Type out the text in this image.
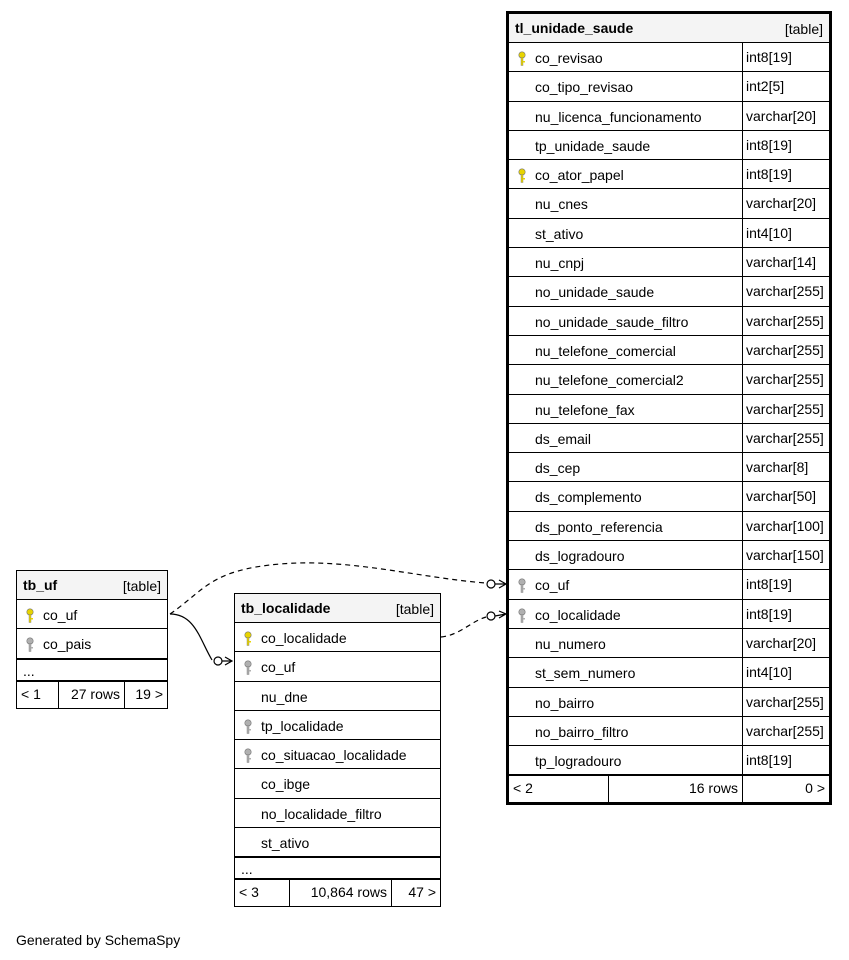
tb_uf	[table]
co_uf
co_pais
...
< 1	27 rows	19 >
tb_localidade	[table]
co_localidade
co_uf
nu_dne
tp_localidade
co_situacao_localidade
co_ibge
no_localidade_filtro
st_ativo
...
< 3	10,864 rows	47 >
tl_unidade_saude	[table]
co_revisao	int8[19]
co_tipo_revisao	int2[5]
nu_licenca_funcionamento	varchar[20]
tp_unidade_saude	int8[19]
co_ator_papel	int8[19]
nu_cnes	varchar[20]
st_ativo	int4[10]
nu_cnpj	varchar[14]
no_unidade_saude	varchar[255]
no_unidade_saude_filtro	varchar[255]
nu_telefone_comercial	varchar[255]
nu_telefone_comercial2	varchar[255]
nu_telefone_fax	varchar[255]
ds_email	varchar[255]
ds_cep	varchar[8]
ds_complemento	varchar[50]
ds_ponto_referencia	varchar[100]
ds_logradouro	varchar[150]
co_uf	int8[19]
co_localidade	int8[19]
nu_numero	varchar[20]
st_sem_numero	int4[10]
no_bairro	varchar[255]
no_bairro_filtro	varchar[255]
tp_logradouro	int8[19]
< 2	16 rows	0 >
Generated by SchemaSpy
